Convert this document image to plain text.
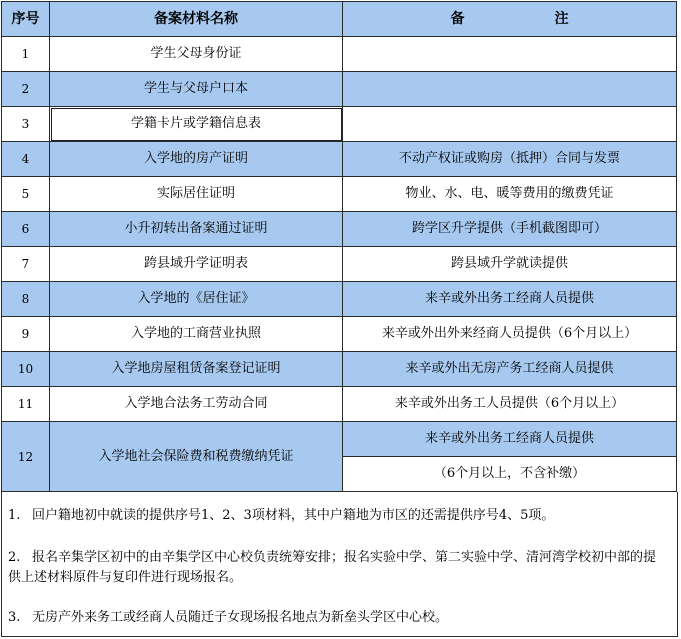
序号	备案材料名称	备 注
1	学生父母身份证	
2	学生与父母户口本	
3	学籍卡片或学籍信息表	
4	入学地的房产证明	不动产权证或购房（抵押）合同与发票
5	实际居住证明	物业、水、电、暖等费用的缴费凭证
6	小升初转出备案通过证明	跨学区升学提供（手机截图即可）
7	跨县域升学证明表	跨县域升学就读提供
8	入学地的《居住证》	来辛或外出务工经商人员提供
9	入学地的工商营业执照	来辛或外出外来经商人员提供（6个月以上）
10	入学地房屋租赁备案登记证明	来辛或外出无房产务工经商人员提供
11	入学地合法务工劳动合同	来辛或外出务工人员提供（6个月以上）
12	入学地社会保险费和税费缴纳凭证	来辛或外出务工经商人员提供
		（6个月以上，不含补缴）
1. 回户籍地初中就读的提供序号1、2、3项材料，其中户籍地为市区的还需提供序号4、5项。
2. 报名辛集学区初中的由辛集学区中心校负责统筹安排；报名实验中学、第二实验中学、清河湾学校初中部的提供上述材料原件与复印件进行现场报名。
3. 无房产外来务工或经商人员随迁子女现场报名地点为新垒头学区中心校。
